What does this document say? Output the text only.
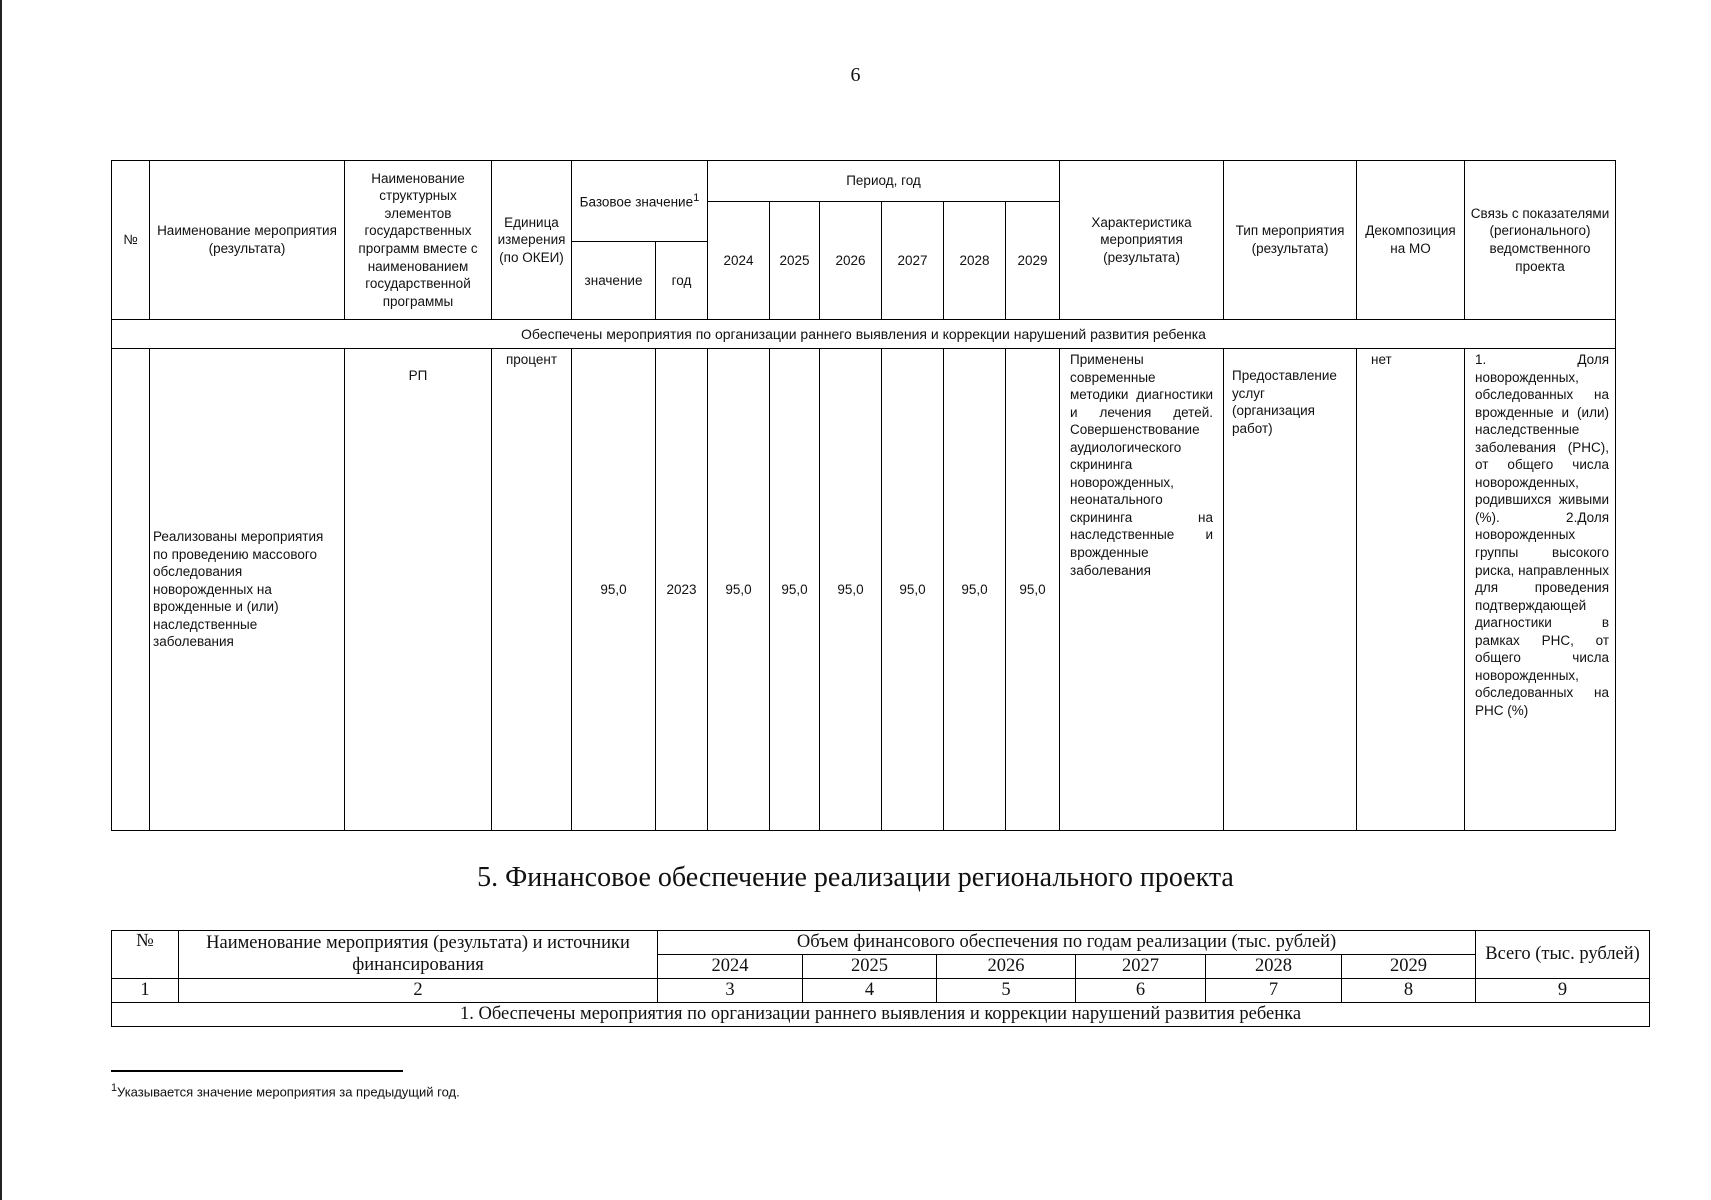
6
№	Наименование мероприятия (результата)	Наименование структурных элементов государственных программ вместе с наименованием государственной программы	Единица измерения (по ОКЕИ)	Базовое значение$^1$		Период, год						Характеристика мероприятия (результата)	Тип мероприятия (результата)	Декомпозиция на МО	Связь с показателями (регионального) ведомственного проекта
						2024	2025	2026	2027	2028	2029				
				значение	год										
Обеспечены мероприятия по организации раннего выявления и коррекции нарушений развития ребенка															
	Реализованы мероприятия по проведению массового обследования новорожденных на врожденные и (или) наследственные заболевания	РП	процент	95,0	2023	95,0	95,0	95,0	95,0	95,0	95,0	Применены современные методики диагностики и лечения детей. Совершенствование аудиологического скрининга новорожденных, неонатального скрининга на наследственные и врожденные заболевания	Предоставление услуг (организация работ)	нет	1. Доля новорожденных, обследованных на врожденные и (или) наследственные заболевания (РНС), от общего числа новорожденных, родившихся живыми (%). 2.Доля новорожденных группы высокого риска, направленных для проведения подтверждающей диагностики в рамках РНС, от общего числа новорожденных, обследованных на РНС (%)
5. Финансовое обеспечение реализации регионального проекта
№	Наименование мероприятия (результата) и источники финансирования	Объем финансового обеспечения по годам реализации (тыс. рублей)						Всего (тыс. рублей)
		2024	2025	2026	2027	2028	2029	
1	2	3	4	5	6	7	8	9
1. Обеспечены мероприятия по организации раннего выявления и коррекции нарушений развития ребенка								
$^1$Указывается значение мероприятия за предыдущий год.
